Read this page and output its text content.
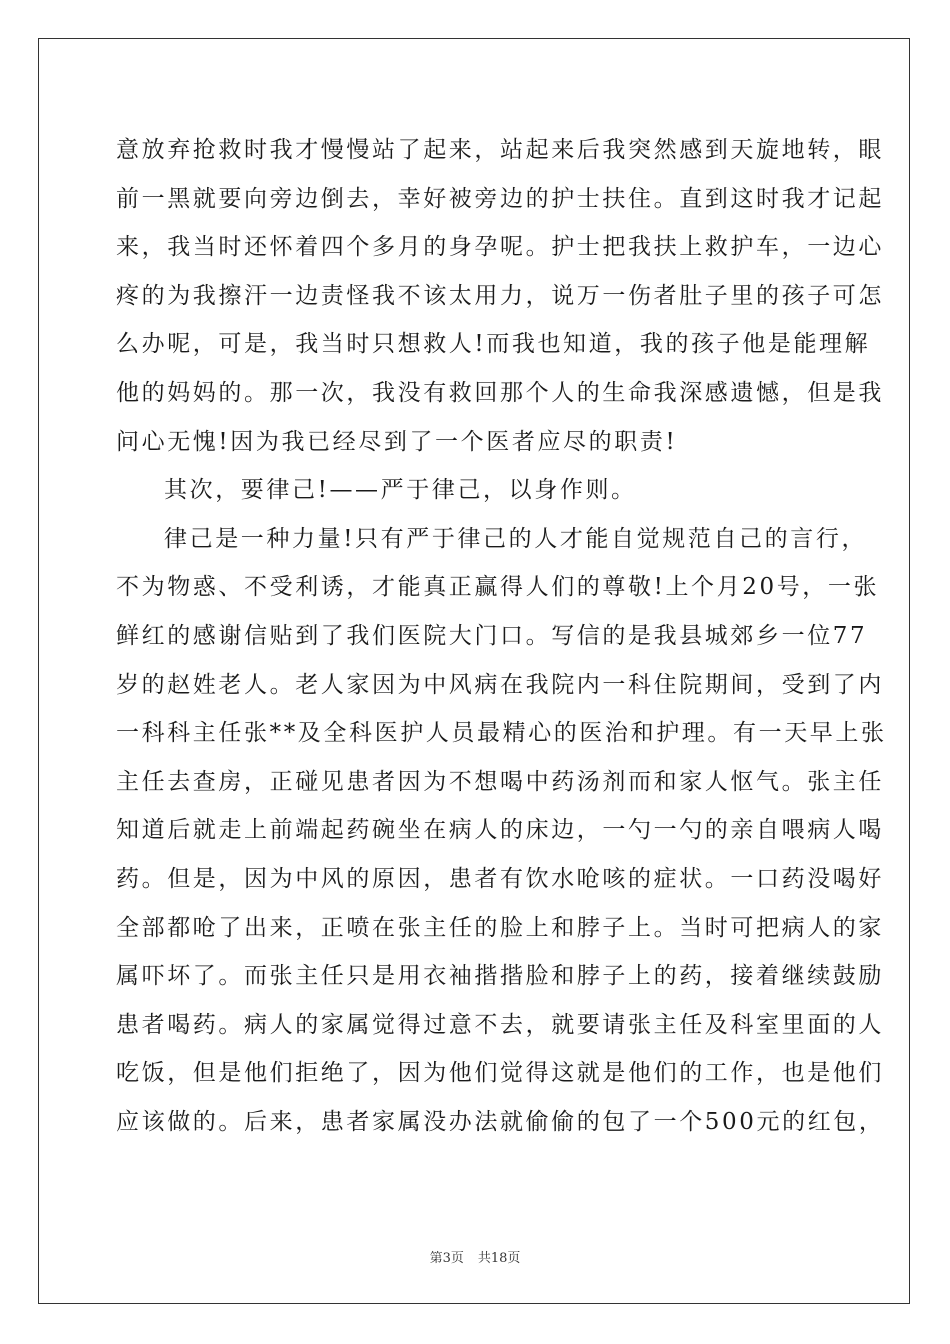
意放弃抢救时我才慢慢站了起来，站起来后我突然感到天旋地转，眼
前一黑就要向旁边倒去，幸好被旁边的护士扶住。直到这时我才记起
来，我当时还怀着四个多月的身孕呢。护士把我扶上救护车，一边心
疼的为我擦汗一边责怪我不该太用力，说万一伤者肚子里的孩子可怎
么办呢，可是，我当时只想救人!而我也知道，我的孩子他是能理解
他的妈妈的。那一次，我没有救回那个人的生命我深感遗憾，但是我
问心无愧!因为我已经尽到了一个医者应尽的职责!
其次，要律己!——严于律己，以身作则。
律己是一种力量!只有严于律己的人才能自觉规范自己的言行，
不为物惑、不受利诱，才能真正赢得人们的尊敬!上个月20号，一张
鲜红的感谢信贴到了我们医院大门口。写信的是我县城郊乡一位77
岁的赵姓老人。老人家因为中风病在我院内一科住院期间，受到了内
一科科主任张**及全科医护人员最精心的医治和护理。有一天早上张
主任去查房，正碰见患者因为不想喝中药汤剂而和家人怄气。张主任
知道后就走上前端起药碗坐在病人的床边，一勺一勺的亲自喂病人喝
药。但是，因为中风的原因，患者有饮水呛咳的症状。一口药没喝好
全部都呛了出来，正喷在张主任的脸上和脖子上。当时可把病人的家
属吓坏了。而张主任只是用衣袖揩揩脸和脖子上的药，接着继续鼓励
患者喝药。病人的家属觉得过意不去，就要请张主任及科室里面的人
吃饭，但是他们拒绝了，因为他们觉得这就是他们的工作，也是他们
应该做的。后来，患者家属没办法就偷偷的包了一个500元的红包，
第3页 共18页
